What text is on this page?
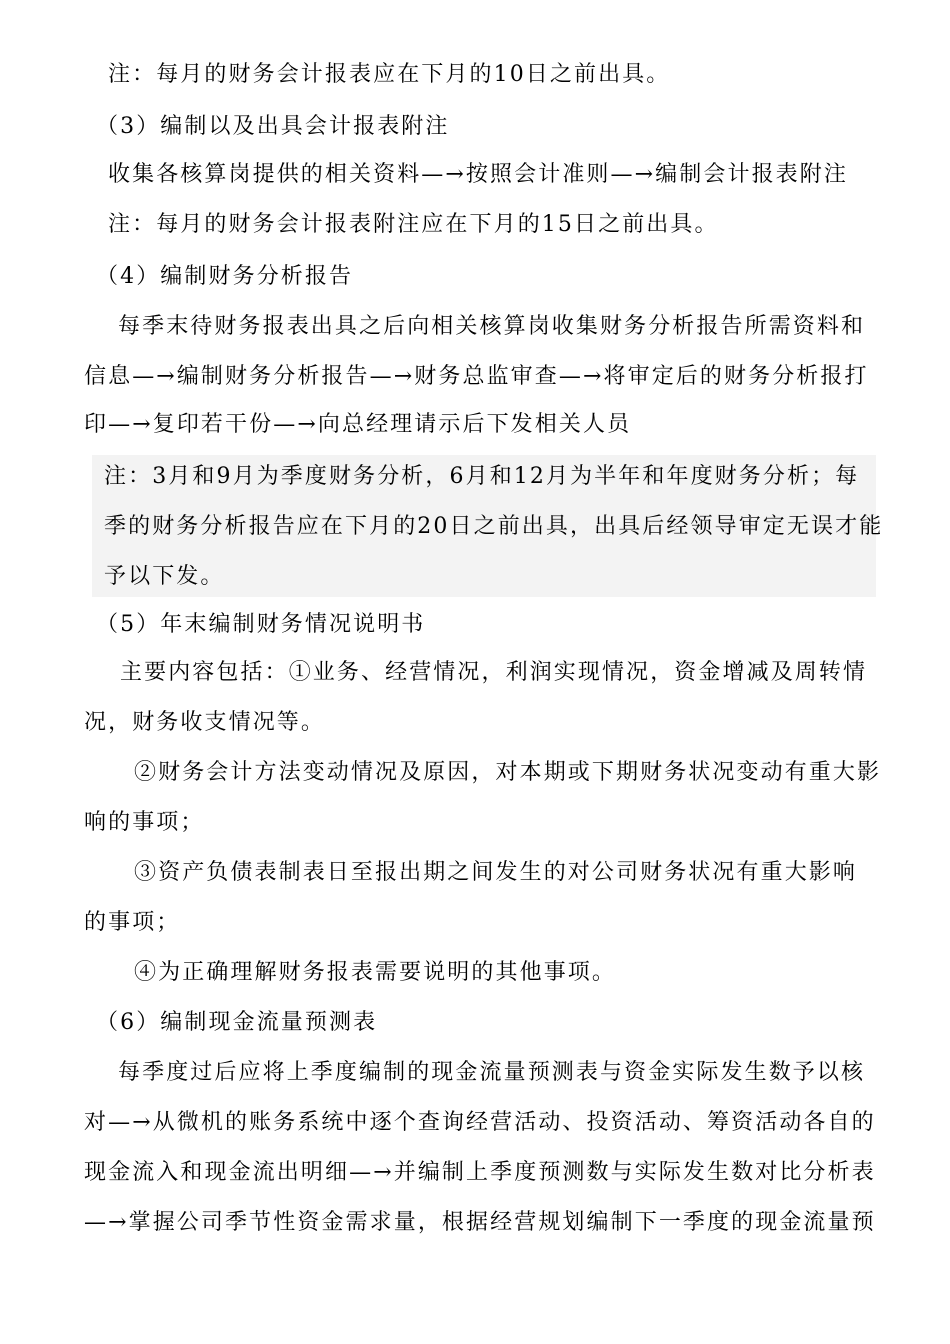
注：每月的财务会计报表应在下月的10日之前出具。
（3）编制以及出具会计报表附注
收集各核算岗提供的相关资料—→按照会计准则—→编制会计报表附注
注：每月的财务会计报表附注应在下月的15日之前出具。
（4）编制财务分析报告
每季末待财务报表出具之后向相关核算岗收集财务分析报告所需资料和
信息—→编制财务分析报告—→财务总监审查—→将审定后的财务分析报打
印—→复印若干份—→向总经理请示后下发相关人员
注：3月和9月为季度财务分析，6月和12月为半年和年度财务分析；每
季的财务分析报告应在下月的20日之前出具，出具后经领导审定无误才能
予以下发。
（5）年末编制财务情况说明书
主要内容包括：①业务、经营情况，利润实现情况，资金增减及周转情
况，财务收支情况等。
②财务会计方法变动情况及原因，对本期或下期财务状况变动有重大影
响的事项；
③资产负债表制表日至报出期之间发生的对公司财务状况有重大影响
的事项；
④为正确理解财务报表需要说明的其他事项。
（6）编制现金流量预测表
每季度过后应将上季度编制的现金流量预测表与资金实际发生数予以核
对—→从微机的账务系统中逐个查询经营活动、投资活动、筹资活动各自的
现金流入和现金流出明细—→并编制上季度预测数与实际发生数对比分析表
—→掌握公司季节性资金需求量，根据经营规划编制下一季度的现金流量预
